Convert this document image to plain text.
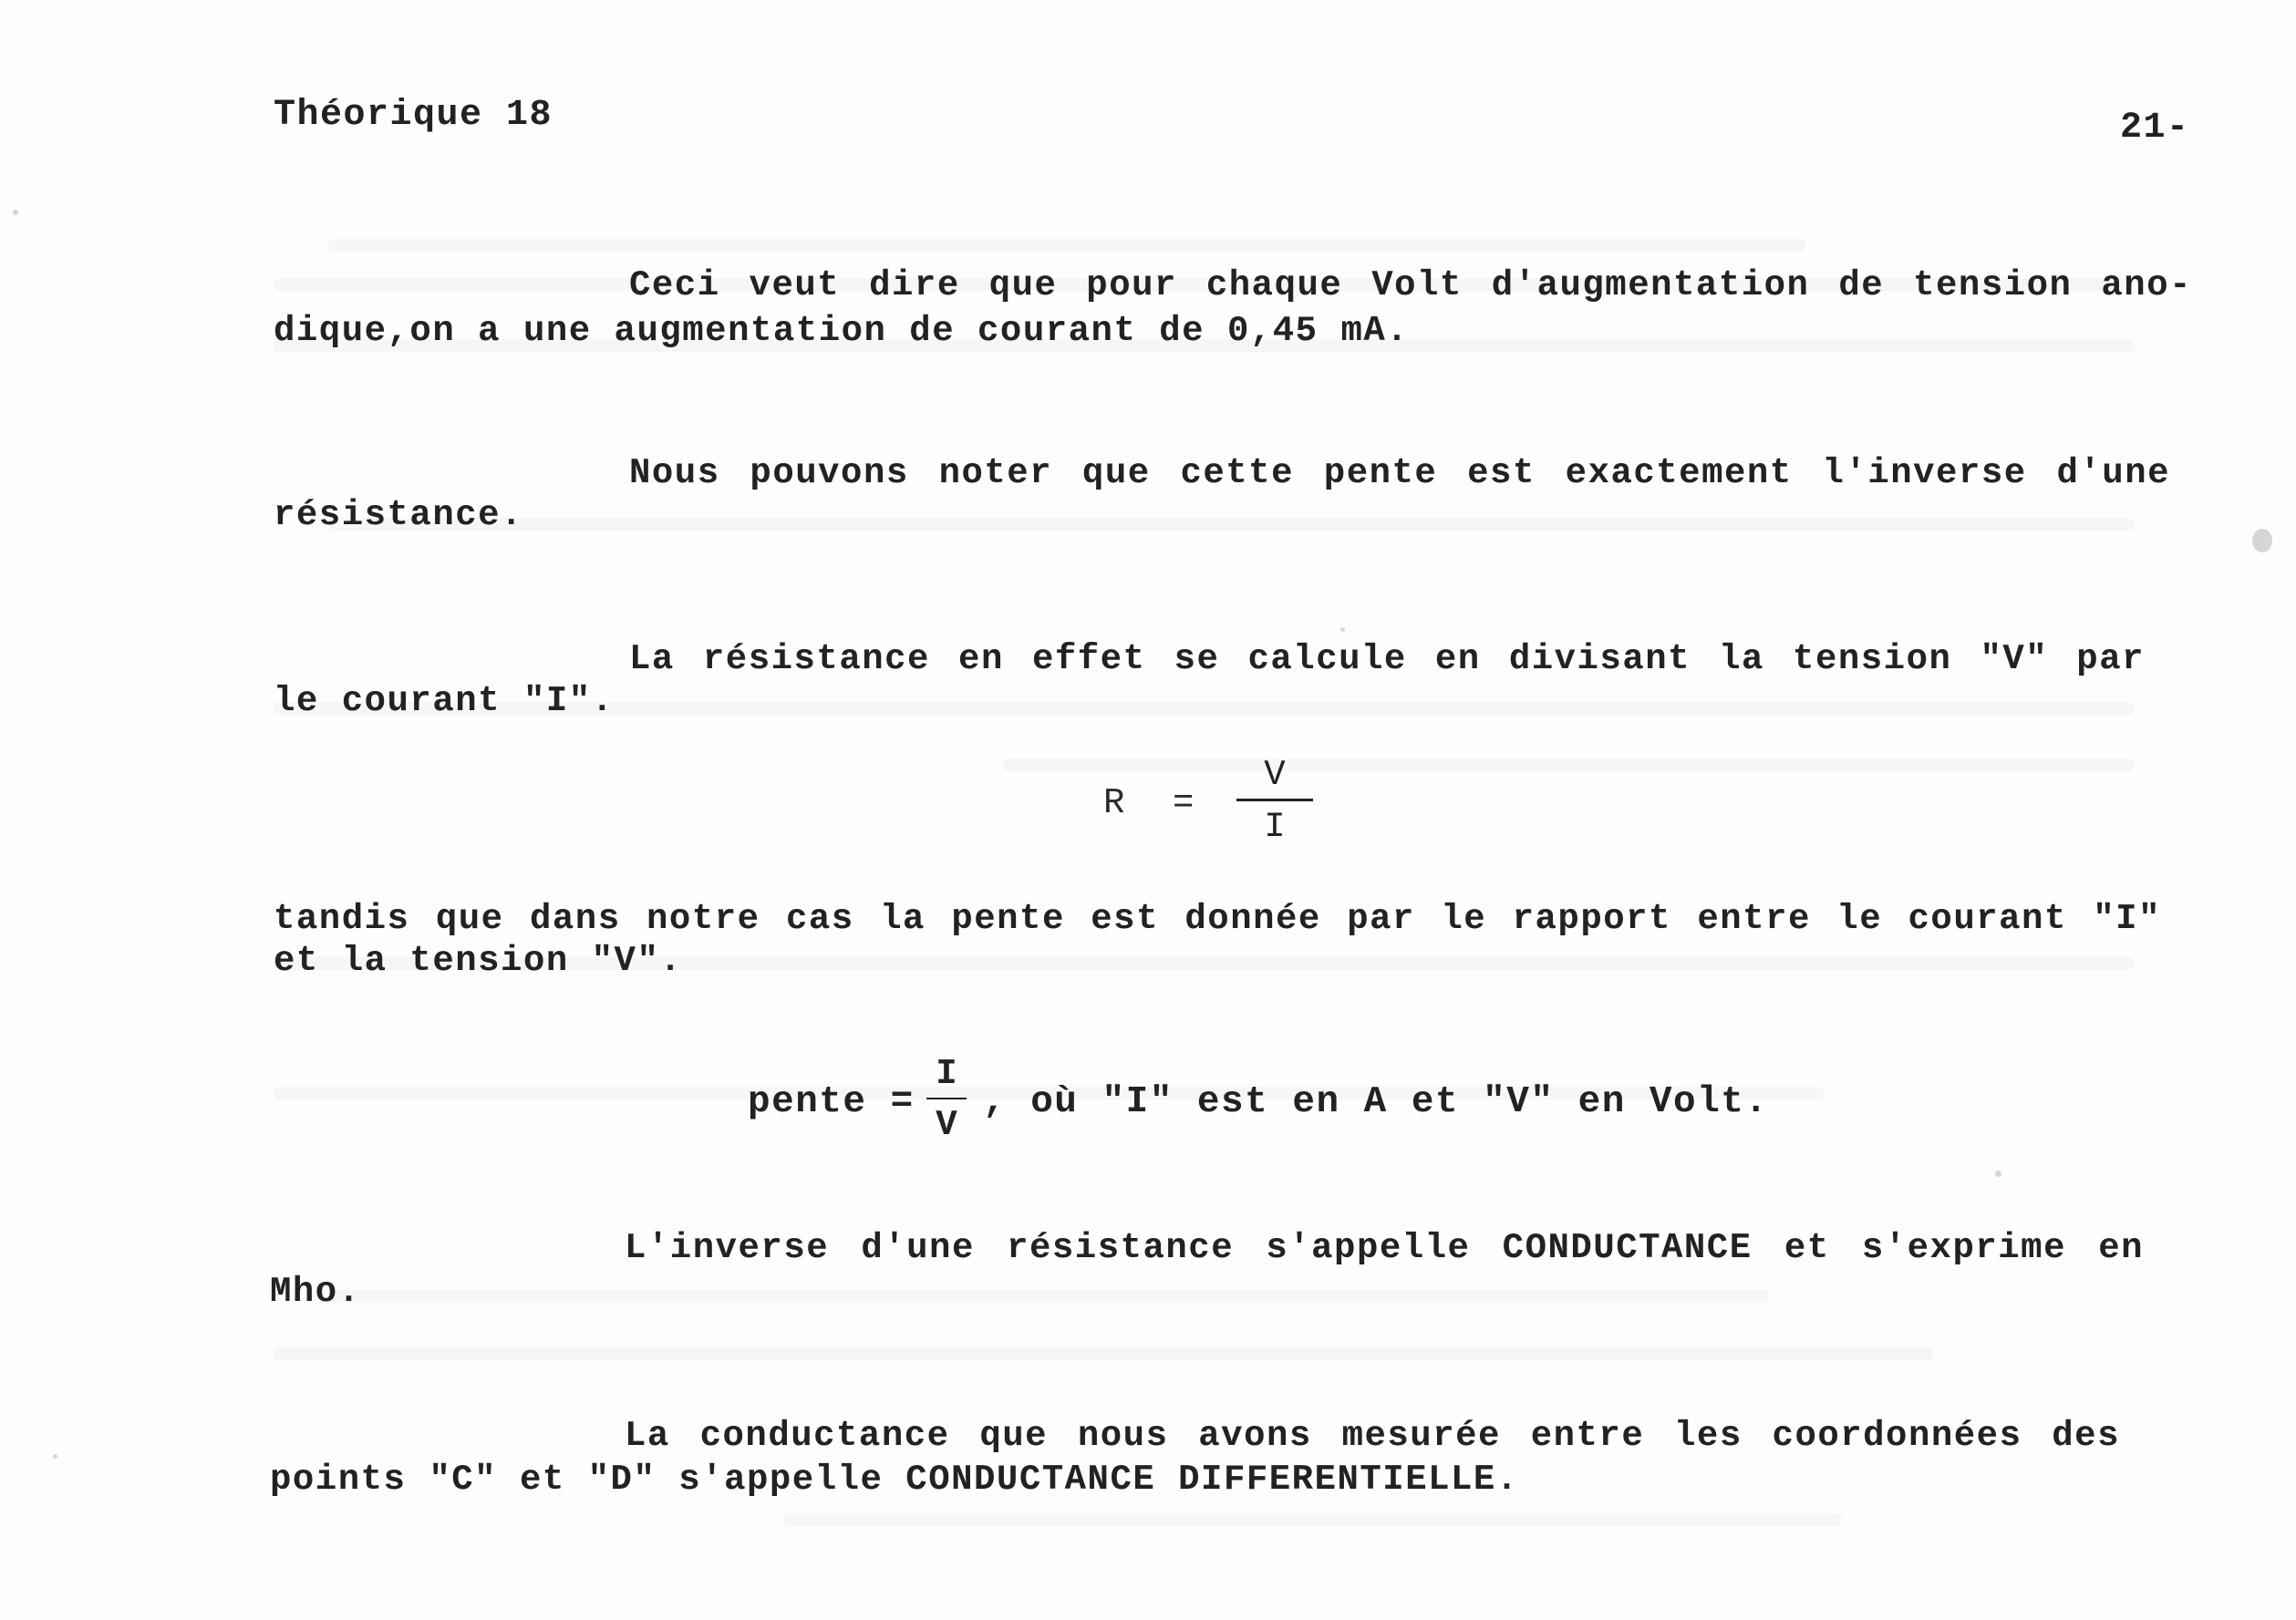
Théorique 18	21-
Ceci veut dire que pour chaque Volt d'augmentation de tension ano-
dique,on a une augmentation de courant de 0,45 mA.
Nous pouvons noter que cette pente est exactement l'inverse d'une
résistance.
La résistance en effet se calcule en divisant la tension "V" par
le courant "I".
R =
V
I
tandis que dans notre cas la pente est donnée par le rapport entre le courant "I"
et la tension "V".
pente =
I
V
, où "I" est en A et "V" en Volt.
L'inverse d'une résistance s'appelle CONDUCTANCE et s'exprime en
Mho.
La conductance que nous avons mesurée entre les coordonnées des
points "C" et "D" s'appelle CONDUCTANCE DIFFERENTIELLE.
